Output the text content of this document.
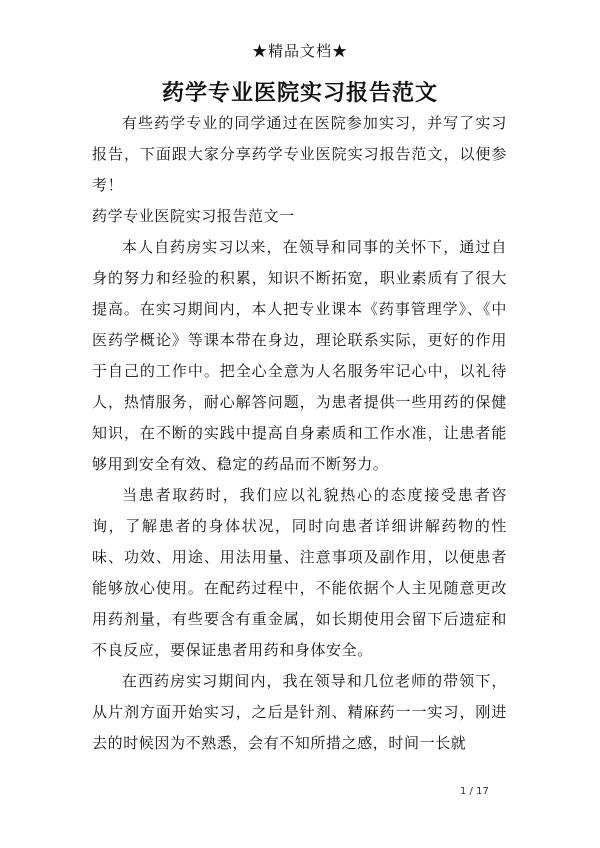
★精品文档★
药学专业医院实习报告范文

有些药学专业的同学通过在医院参加实习，并写了实习报告，下面跟大家分享药学专业医院实习报告范文，以便参考！

药学专业医院实习报告范文一

本人自药房实习以来，在领导和同事的关怀下，通过自身的努力和经验的积累，知识不断拓宽，职业素质有了很大提高。在实习期间内，本人把专业课本《药事管理学》、《中医药学概论》等课本带在身边，理论联系实际，更好的作用于自己的工作中。把全心全意为人名服务牢记心中，以礼待人，热情服务，耐心解答问题，为患者提供一些用药的保健知识，在不断的实践中提高自身素质和工作水准，让患者能够用到安全有效、稳定的药品而不断努力。

当患者取药时，我们应以礼貌热心的态度接受患者咨询，了解患者的身体状况，同时向患者详细讲解药物的性味、功效、用途、用法用量、注意事项及副作用，以便患者能够放心使用。在配药过程中，不能依据个人主见随意更改用药剂量，有些要含有重金属，如长期使用会留下后遗症和不良反应，要保证患者用药和身体安全。

在西药房实习期间内，我在领导和几位老师的带领下，从片剂方面开始实习，之后是针剂、精麻药一一实习，刚进去的时候因为不熟悉，会有不知所措之感，时间一长就

1 / 17
